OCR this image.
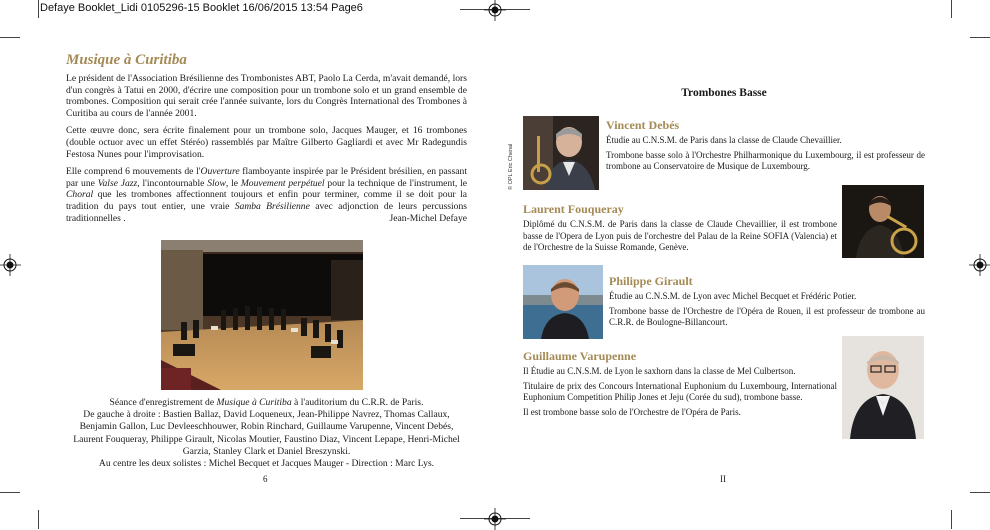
Defaye Booklet_Lidi 0105296-15 Booklet 16/06/2015 13:54 Page6
Musique à Curitiba

Le président de l'Association Brésilienne des Trombonistes ABT, Paolo La Cerda, m'avait demandé, lors d'un congrès à Tatui en 2000, d'écrire une composition pour un trombone solo et un grand ensemble de trombones. Composition qui serait crée l'année suivante, lors du Congrès International des Trombones à Curitiba au cours de l'année 2001.

Cette œuvre donc, sera écrite finalement pour un trombone solo, Jacques Mauger, et 16 trombones (double octuor avec un effet Stéréo) rassemblés par Maître Gilberto Gagliardi et avec Mr Radegundis Festosa Nunes pour l'improvisation.

Elle comprend 6 mouvements de l'Ouverture flamboyante inspirée par le Président brésilien, en passant par une Valse Jazz, l'incontournable Slow, le Mouvement perpétuel pour la technique de l'instrument, le Choral que les trombones affectionnent toujours et enfin pour terminer, comme il se doit pour la tradition du pays tout entier, une vraie Samba Brésilienne avec adjonction de leurs percussions traditionnelles .	Jean-Michel Defaye

Séance d'enregistrement de Musique à Curitiba à l'auditorium du C.R.R. de Paris.
De gauche à droite : Bastien Ballaz, David Loqueneux, Jean-Philippe Navrez, Thomas Callaux, Benjamin Gallon, Luc Devleeschhouwer, Robin Rinchard, Guillaume Varupenne, Vincent Debés, Laurent Fouqueray, Philippe Girault, Nicolas Moutier, Faustino Diaz, Vincent Lepape, Henri-Michel Garzia, Stanley Clark et Daniel Breszynski.
Au centre les deux solistes : Michel Becquet et Jacques Mauger - Direction : Marc Lys.
6
Trombones Basse
© OPL Eric Chenal
Vincent Debés

Étudie au C.N.S.M. de Paris dans la classe de Claude Chevaillier.

Trombone basse solo à l'Orchestre Philharmonique du Luxembourg, il est professeur de trombone au Conservatoire de Musique de Luxembourg.

Laurent Fouqueray

Diplômé du C.N.S.M. de Paris dans la classe de Claude Chevaillier, il est trombone basse de l'Opera de Lyon puis de l'orchestre del Palau de la Reine SOFIA (Valencia) et de l'Orchestre de la Suisse Romande, Genève.

Philippe Girault

Étudie au C.N.S.M. de Lyon avec Michel Becquet et Frédéric Potier.

Trombone basse de l'Orchestre de l'Opéra de Rouen, il est professeur de trombone au C.R.R. de Boulogne-Billancourt.

Guillaume Varupenne

Il Étudie au C.N.S.M. de Lyon le saxhorn dans la classe de Mel Culbertson.

Titulaire de prix des Concours International Euphonium du Luxembourg, International Euphonium Competition Philip Jones et Jeju (Corée du sud), trombone basse.

Il est trombone basse solo de l'Orchestre de l'Opéra de Paris.

II
